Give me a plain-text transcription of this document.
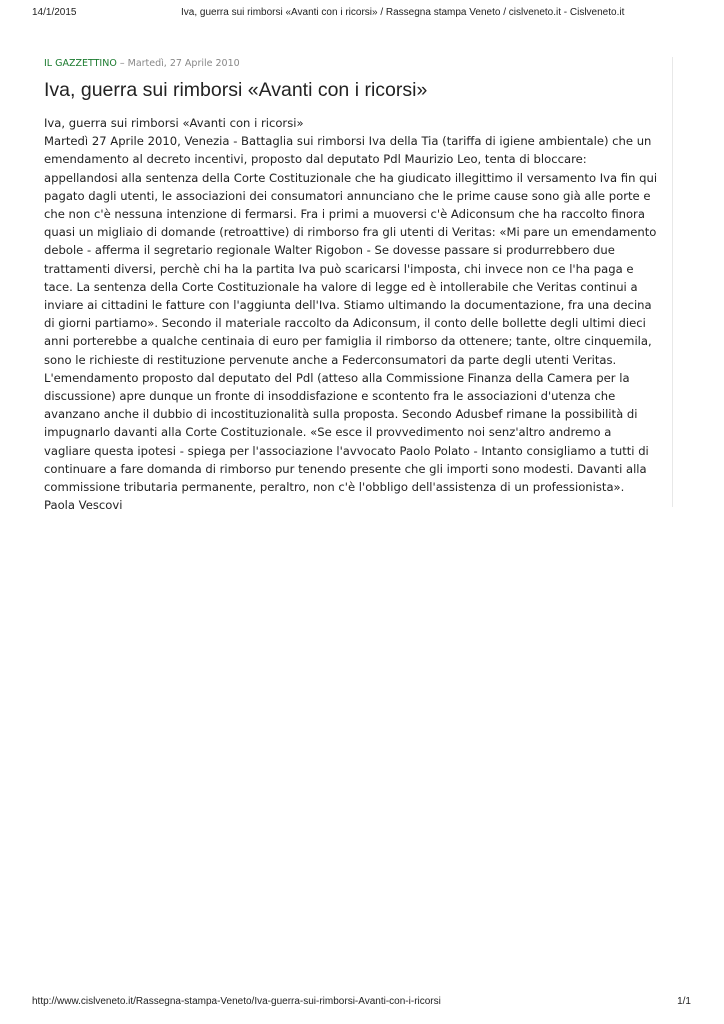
14/1/2015	Iva, guerra sui rimborsi «Avanti con i ricorsi» / Rassegna stampa Veneto / cislveneto.it - Cislveneto.it
IL GAZZETTINO – Martedì, 27 Aprile 2010
Iva, guerra sui rimborsi «Avanti con i ricorsi»

Iva, guerra sui rimborsi «Avanti con i ricorsi»

Martedì 27 Aprile 2010, Venezia - Battaglia sui rimborsi Iva della Tia (tariffa di igiene ambientale) che un emendamento al decreto incentivi, proposto dal deputato Pdl Maurizio Leo, tenta di bloccare: appellandosi alla sentenza della Corte Costituzionale che ha giudicato illegittimo il versamento Iva fin qui pagato dagli utenti, le associazioni dei consumatori annunciano che le prime cause sono già alle porte e che non c'è nessuna intenzione di fermarsi. Fra i primi a muoversi c'è Adiconsum che ha raccolto finora quasi un migliaio di domande (retroattive) di rimborso fra gli utenti di Veritas: «Mi pare un emendamento debole - afferma il segretario regionale Walter Rigobon - Se dovesse passare si produrrebbero due trattamenti diversi, perchè chi ha la partita Iva può scaricarsi l'imposta, chi invece non ce l'ha paga e tace. La sentenza della Corte Costituzionale ha valore di legge ed è intollerabile che Veritas continui a inviare ai cittadini le fatture con l'aggiunta dell'Iva. Stiamo ultimando la documentazione, fra una decina di giorni partiamo». Secondo il materiale raccolto da Adiconsum, il conto delle bollette degli ultimi dieci anni porterebbe a qualche centinaia di euro per famiglia il rimborso da ottenere; tante, oltre cinquemila, sono le richieste di restituzione pervenute anche a Federconsumatori da parte degli utenti Veritas. L'emendamento proposto dal deputato del Pdl (atteso alla Commissione Finanza della Camera per la discussione) apre dunque un fronte di insoddisfazione e scontento fra le associazioni d'utenza che avanzano anche il dubbio di incostituzionalità sulla proposta. Secondo Adusbef rimane la possibilità di impugnarlo davanti alla Corte Costituzionale. «Se esce il provvedimento noi senz'altro andremo a vagliare questa ipotesi - spiega per l'associazione l'avvocato Paolo Polato - Intanto consigliamo a tutti di continuare a fare domanda di rimborso pur tenendo presente che gli importi sono modesti. Davanti alla commissione tributaria permanente, peraltro, non c'è l'obbligo dell'assistenza di un professionista».

Paola Vescovi

http://www.cislveneto.it/Rassegna-stampa-Veneto/Iva-guerra-sui-rimborsi-Avanti-con-i-ricorsi	1/1
